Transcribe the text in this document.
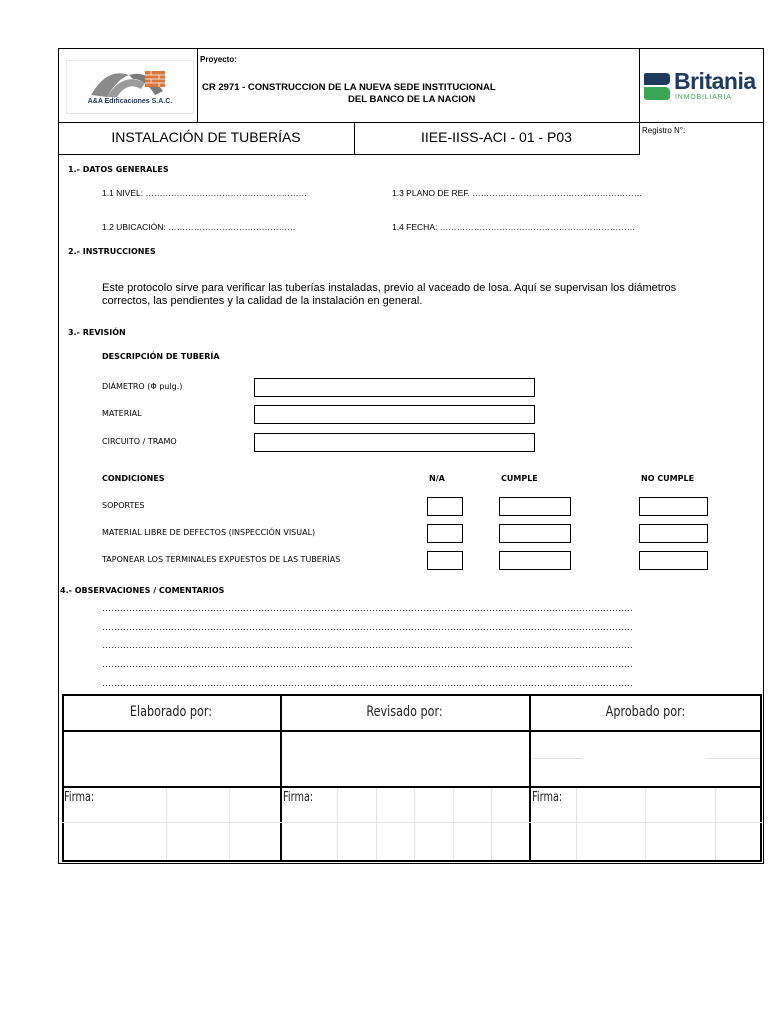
A&A Edificaciones S.A.C.
Proyecto:
CR 2971 - CONSTRUCCION DE LA NUEVA SEDE INSTITUCIONAL
DEL BANCO DE LA NACION
Britania
INMOBILIARIA
INSTALACIÓN DE TUBERÍAS	IIEE-IISS-ACI - 01 - P03	Registro N°:
1.- DATOS GENERALES
1.1 NIVEL: …………………………………………………	1.3 PLANO DE REF. ……………………………………………………
1.2 UBICACIÓN: ………………………………………	1.4 FECHA: ……………………………………………………………
2.- INSTRUCCIONES
Este protocolo sirve para verificar las tuberías instaladas, previo al vaceado de losa. Aquí se supervisan los diámetros
correctos, las pendientes y la calidad de la instalación en general.
3.- REVISIÓN
DESCRIPCIÓN DE TUBERÍA
DIÁMETRO (Φ pulg.)
MATERIAL
CIRCUITO / TRAMO
CONDICIONES	N/A	CUMPLE	NO CUMPLE
SOPORTES
MATERIAL LIBRE DE DEFECTOS (INSPECCIÓN VISUAL)
TAPONEAR LOS TERMINALES EXPUESTOS DE LAS TUBERÍAS
4.- OBSERVACIONES / COMENTARIOS
……………………………………………………………………………………………………………………………………………………………
……………………………………………………………………………………………………………………………………………………………
……………………………………………………………………………………………………………………………………………………………
……………………………………………………………………………………………………………………………………………………………
……………………………………………………………………………………………………………………………………………………………
Elaborado por:	Revisado por:	Aprobado por:
Firma:	Firma:	Firma:
